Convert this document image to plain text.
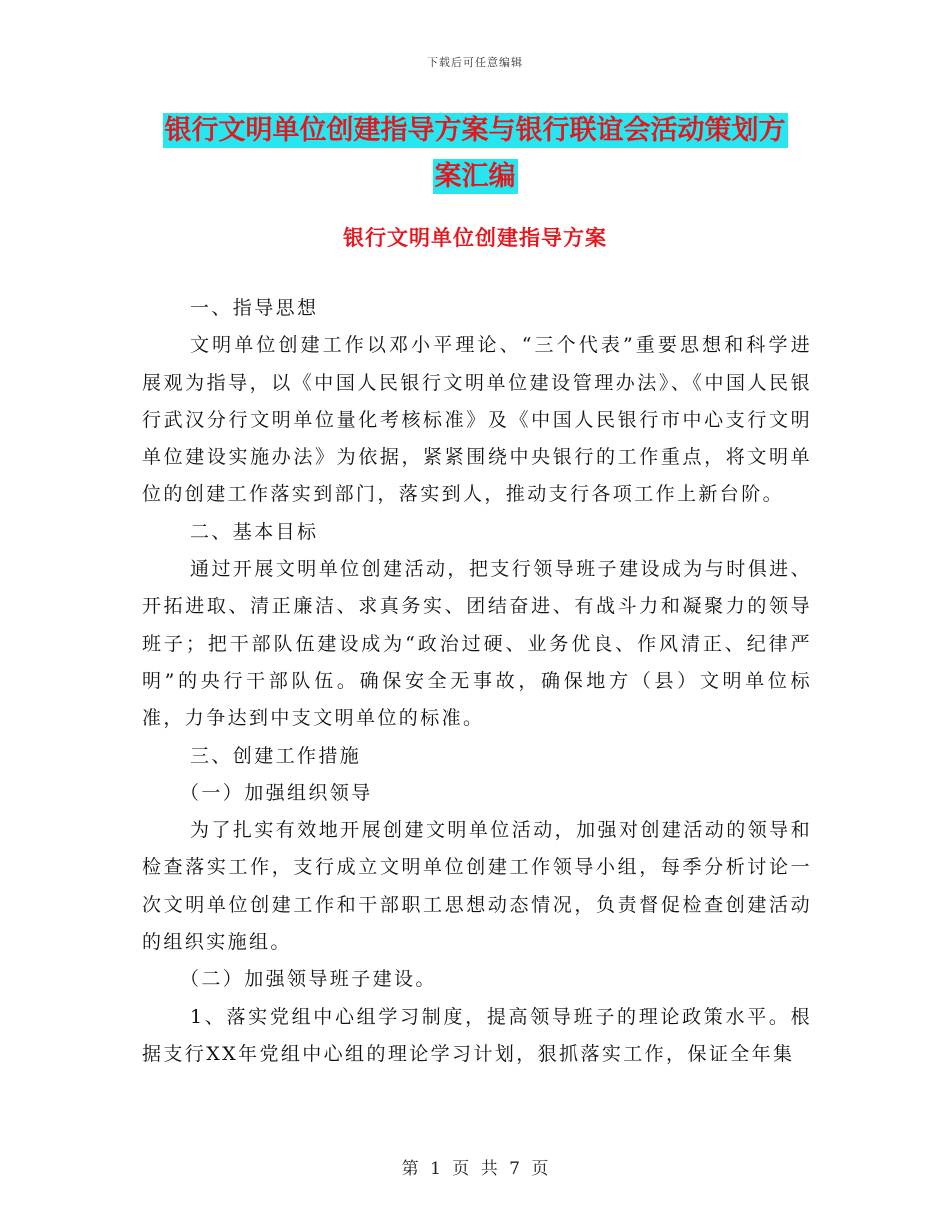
下载后可任意编辑
银行文明单位创建指导方案与银行联谊会活动策划方
案汇编
银行文明单位创建指导方案

一、指导思想

文明单位创建工作以邓小平理论、“三个代表”重要思想和科学进展观为指导，以《中国人民银行文明单位建设管理办法》、《中国人民银行武汉分行文明单位量化考核标准》及《中国人民银行市中心支行文明单位建设实施办法》为依据，紧紧围绕中央银行的工作重点，将文明单位的创建工作落实到部门，落实到人，推动支行各项工作上新台阶。

二、基本目标

通过开展文明单位创建活动，把支行领导班子建设成为与时俱进、开拓进取、清正廉洁、求真务实、团结奋进、有战斗力和凝聚力的领导班子；把干部队伍建设成为“政治过硬、业务优良、作风清正、纪律严明”的央行干部队伍。确保安全无事故，确保地方（县）文明单位标准，力争达到中支文明单位的标准。

三、创建工作措施

（一）加强组织领导

为了扎实有效地开展创建文明单位活动，加强对创建活动的领导和检查落实工作，支行成立文明单位创建工作领导小组，每季分析讨论一次文明单位创建工作和干部职工思想动态情况，负责督促检查创建活动的组织实施组。

（二）加强领导班子建设。

1、落实党组中心组学习制度，提高领导班子的理论政策水平。根据支行XX年党组中心组的理论学习计划，狠抓落实工作，保证全年集

第 1 页 共 7 页
